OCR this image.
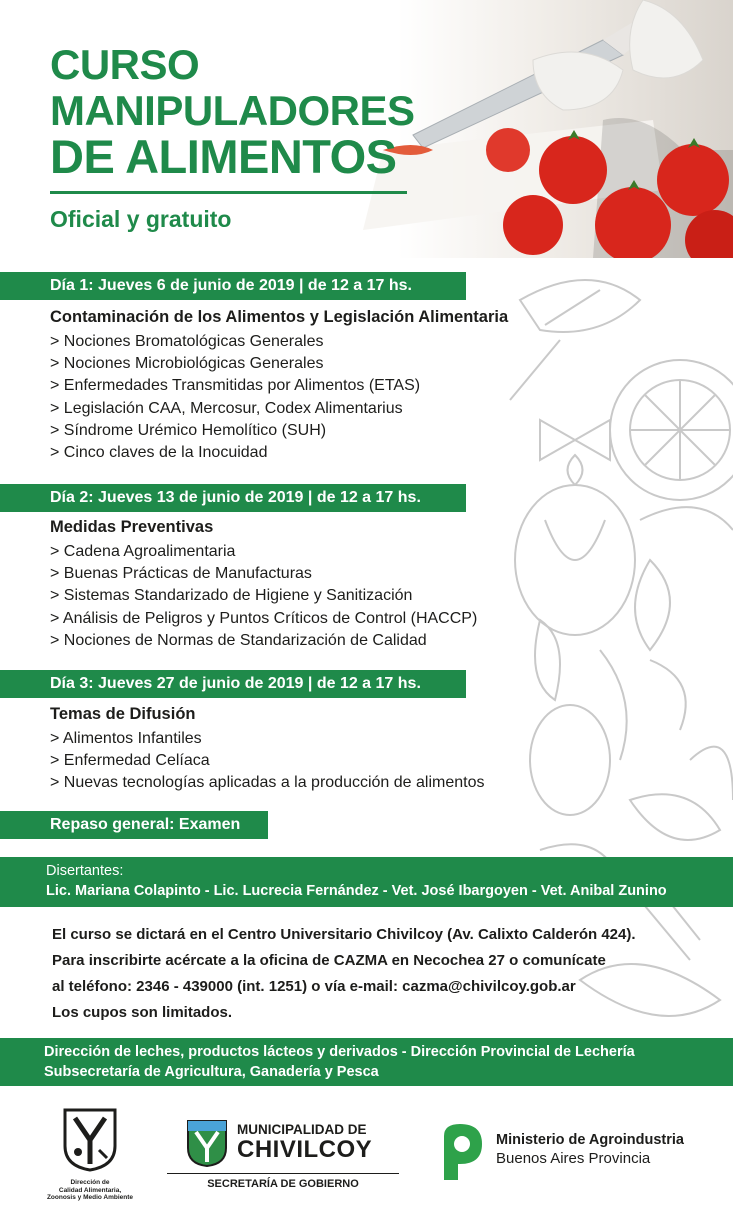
CURSO
MANIPULADORES
DE ALIMENTOS
Oficial y gratuito
Día 1: Jueves 6 de junio de 2019 | de 12 a 17 hs.
Contaminación de los Alimentos y Legislación Alimentaria
> Nociones Bromatológicas Generales
> Nociones Microbiológicas Generales
> Enfermedades Transmitidas por Alimentos (ETAS)
> Legislación CAA, Mercosur, Codex Alimentarius
> Síndrome Urémico Hemolítico (SUH)
> Cinco claves de la Inocuidad
Día 2: Jueves 13 de junio de 2019 | de 12 a 17 hs.
Medidas Preventivas
> Cadena Agroalimentaria
> Buenas Prácticas de Manufacturas
> Sistemas Standarizado de Higiene y Sanitización
> Análisis de Peligros y Puntos Críticos de Control (HACCP)
> Nociones de Normas de Standarización de Calidad
Día 3: Jueves 27 de junio de 2019 | de 12 a 17 hs.
Temas de Difusión
> Alimentos Infantiles
> Enfermedad Celíaca
> Nuevas tecnologías aplicadas a la producción de alimentos
Repaso general: Examen
Disertantes:
Lic. Mariana Colapinto - Lic. Lucrecia Fernández - Vet. José Ibargoyen - Vet. Anibal Zunino
El curso se dictará en el Centro Universitario Chivilcoy (Av. Calixto Calderón 424).
Para inscribirte acércate a la oficina de CAZMA en Necochea 27 o comunícate
al teléfono: 2346 - 439000 (int. 1251) o vía e-mail: cazma@chivilcoy.gob.ar
Los cupos son limitados.
Dirección de leches, productos lácteos y derivados - Dirección Provincial de Lechería
Subsecretaría de Agricultura, Ganadería y Pesca
Dirección de
Calidad Alimentaria,
Zoonosis y Medio Ambiente
MUNICIPALIDAD DE
CHIVILCOY
SECRETARÍA DE GOBIERNO
Ministerio de Agroindustria
Buenos Aires Provincia
